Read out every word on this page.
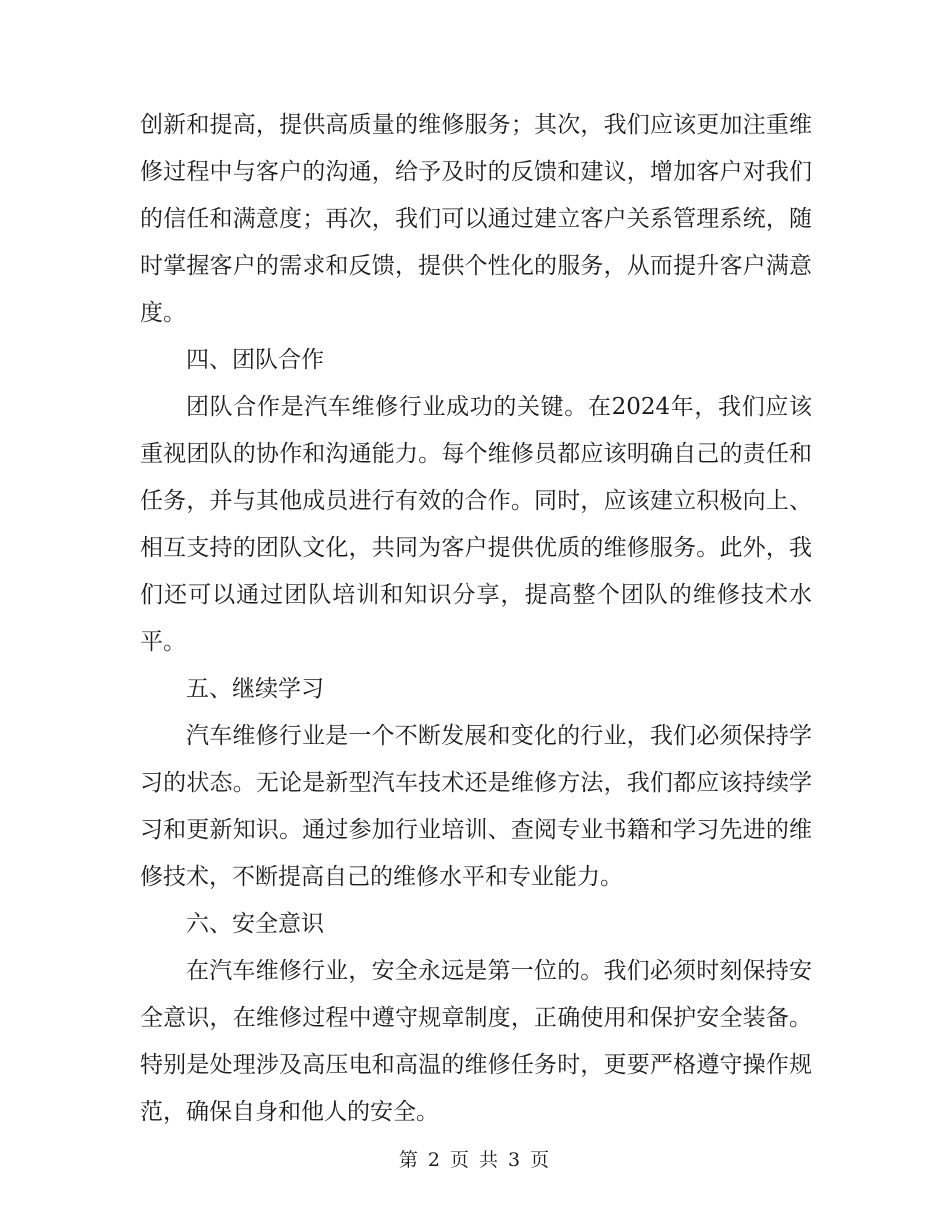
创新和提高，提供高质量的维修服务；其次，我们应该更加注重维修过程中与客户的沟通，给予及时的反馈和建议，增加客户对我们的信任和满意度；再次，我们可以通过建立客户关系管理系统，随时掌握客户的需求和反馈，提供个性化的服务，从而提升客户满意度。

四、团队合作

团队合作是汽车维修行业成功的关键。在2024年，我们应该重视团队的协作和沟通能力。每个维修员都应该明确自己的责任和任务，并与其他成员进行有效的合作。同时，应该建立积极向上、相互支持的团队文化，共同为客户提供优质的维修服务。此外，我们还可以通过团队培训和知识分享，提高整个团队的维修技术水平。

五、继续学习

汽车维修行业是一个不断发展和变化的行业，我们必须保持学习的状态。无论是新型汽车技术还是维修方法，我们都应该持续学习和更新知识。通过参加行业培训、查阅专业书籍和学习先进的维修技术，不断提高自己的维修水平和专业能力。

六、安全意识

在汽车维修行业，安全永远是第一位的。我们必须时刻保持安全意识，在维修过程中遵守规章制度，正确使用和保护安全装备。特别是处理涉及高压电和高温的维修任务时，更要严格遵守操作规范，确保自身和他人的安全。

第 2 页 共 3 页
